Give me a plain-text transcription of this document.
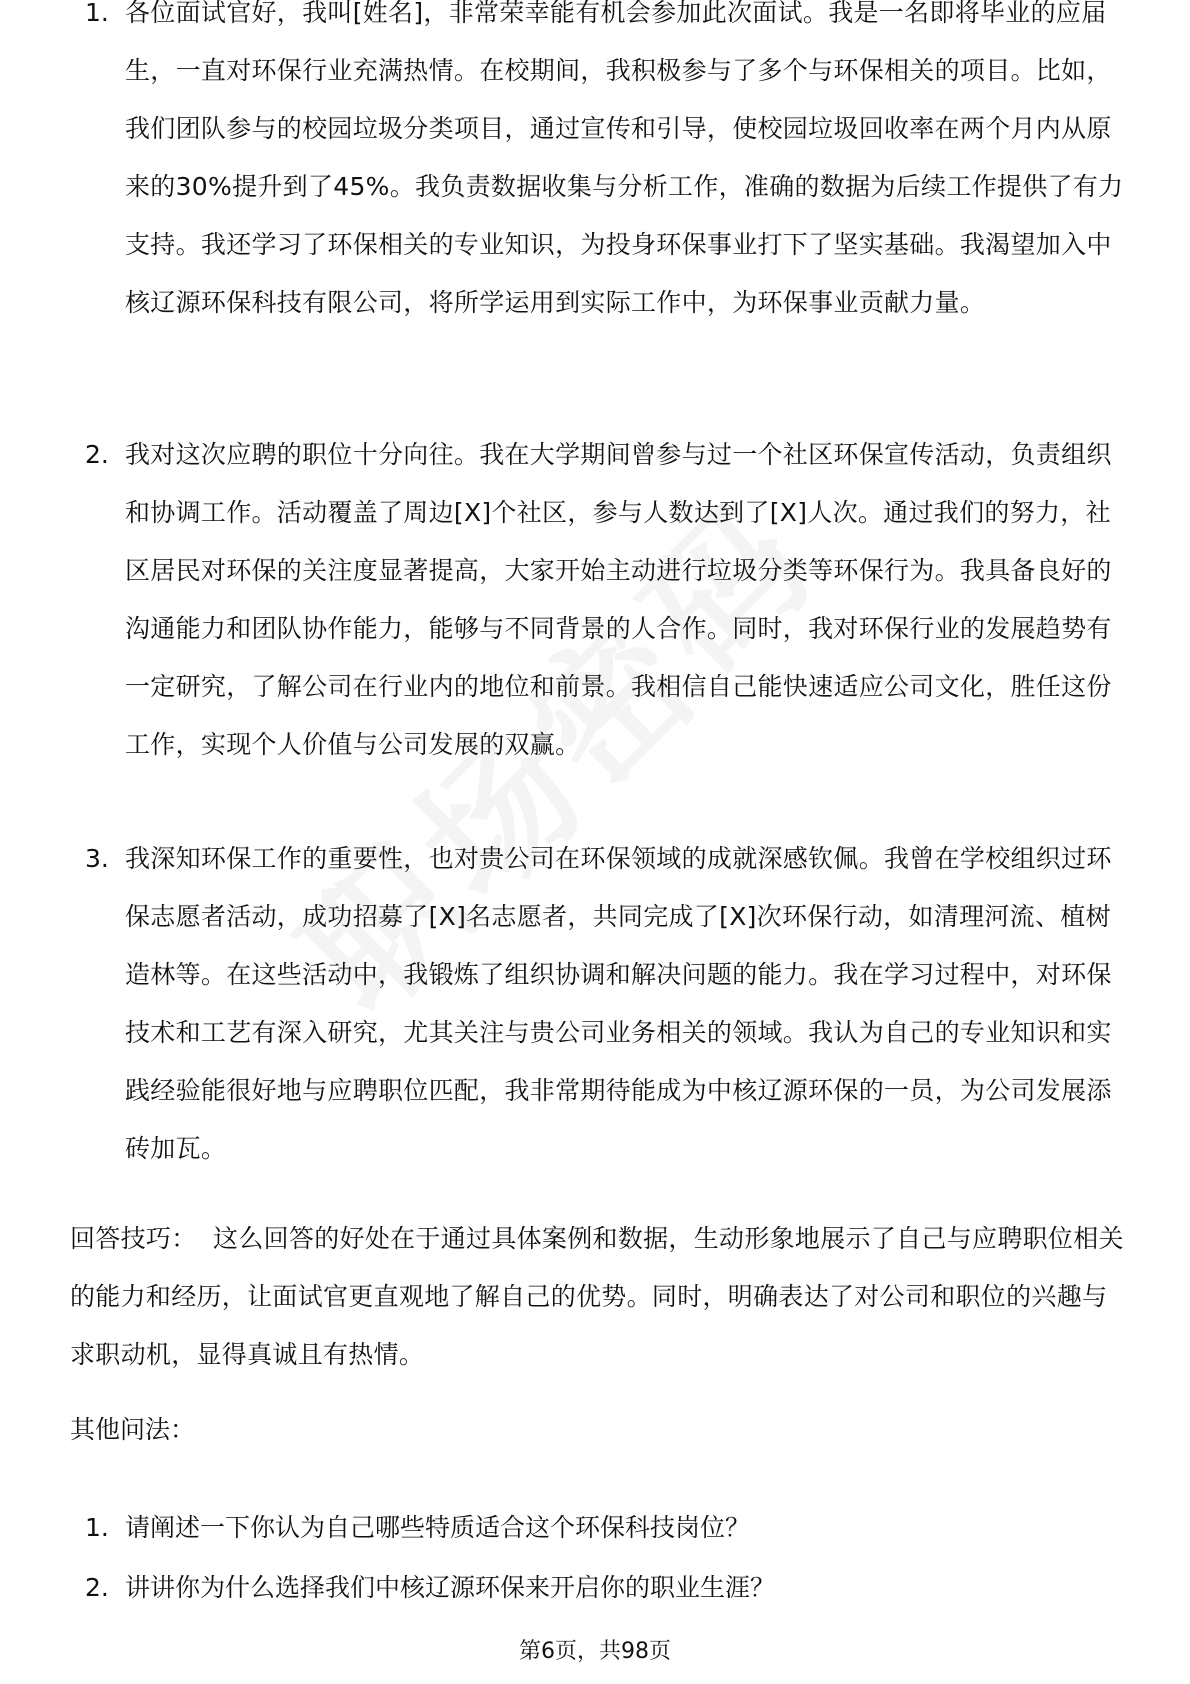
1. 各位面试官好，我叫[姓名]，非常荣幸能有机会参加此次面试。我是一名即将毕业的应届生，一直对环保行业充满热情。在校期间，我积极参与了多个与环保相关的项目。比如，我们团队参与的校园垃圾分类项目，通过宣传和引导，使校园垃圾回收率在两个月内从原来的30%提升到了45%。我负责数据收集与分析工作，准确的数据为后续工作提供了有力支持。我还学习了环保相关的专业知识，为投身环保事业打下了坚实基础。我渴望加入中核辽源环保科技有限公司，将所学运用到实际工作中，为环保事业贡献力量。
2. 我对这次应聘的职位十分向往。我在大学期间曾参与过一个社区环保宣传活动，负责组织和协调工作。活动覆盖了周边[X]个社区，参与人数达到了[X]人次。通过我们的努力，社区居民对环保的关注度显著提高，大家开始主动进行垃圾分类等环保行为。我具备良好的沟通能力和团队协作能力，能够与不同背景的人合作。同时，我对环保行业的发展趋势有一定研究，了解公司在行业内的地位和前景。我相信自己能快速适应公司文化，胜任这份工作，实现个人价值与公司发展的双赢。
3. 我深知环保工作的重要性，也对贵公司在环保领域的成就深感钦佩。我曾在学校组织过环保志愿者活动，成功招募了[X]名志愿者，共同完成了[X]次环保行动，如清理河流、植树造林等。在这些活动中，我锻炼了组织协调和解决问题的能力。我在学习过程中，对环保技术和工艺有深入研究，尤其关注与贵公司业务相关的领域。我认为自己的专业知识和实践经验能很好地与应聘职位匹配，我非常期待能成为中核辽源环保的一员，为公司发展添砖加瓦。
回答技巧： 这么回答的好处在于通过具体案例和数据，生动形象地展示了自己与应聘职位相关的能力和经历，让面试官更直观地了解自己的优势。同时，明确表达了对公司和职位的兴趣与求职动机，显得真诚且有热情。
其他问法：
1. 请阐述一下你认为自己哪些特质适合这个环保科技岗位？
2. 讲讲你为什么选择我们中核辽源环保来开启你的职业生涯？
第6页，共98页
